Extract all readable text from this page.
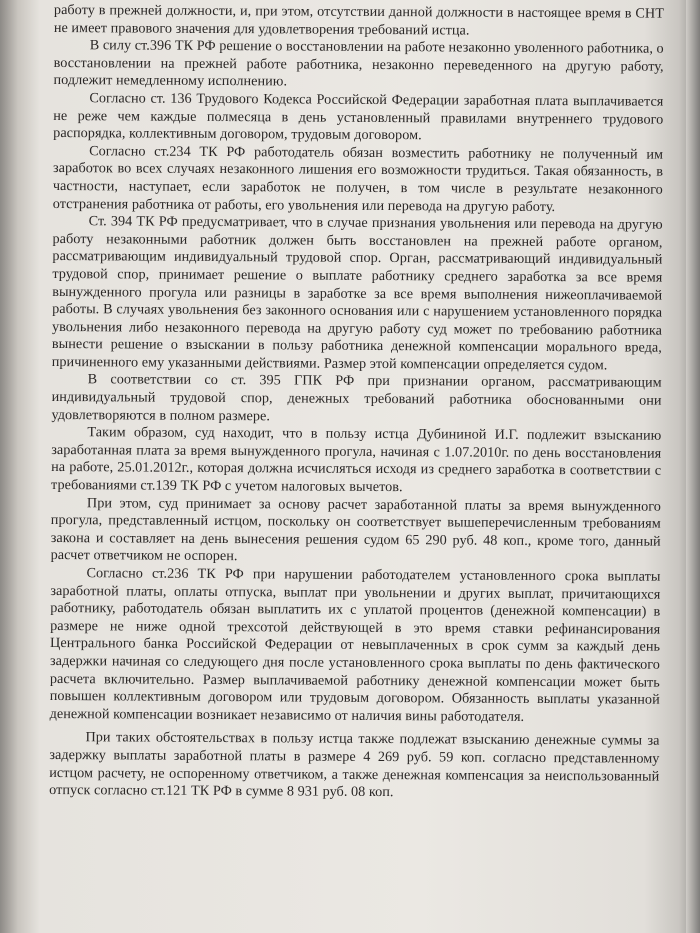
работу в прежней должности, и, при этом, отсутствии данной должности в настоящее время в СНТ не имеет правового значения для удовлетворения требований истца.

В силу ст.396 ТК РФ решение о восстановлении на работе незаконно уволенного работника, о восстановлении на прежней работе работника, незаконно переведенного на другую работу, подлежит немедленному исполнению.

Согласно ст. 136 Трудового Кодекса Российской Федерации заработная плата выплачивается не реже чем каждые полмесяца в день установленный правилами внутреннего трудового распорядка, коллективным договором, трудовым договором.

Согласно ст.234 ТК РФ работодатель обязан возместить работнику не полученный им заработок во всех случаях незаконного лишения его возможности трудиться. Такая обязанность, в частности, наступает, если заработок не получен, в том числе в результате незаконного отстранения работника от работы, его увольнения или перевода на другую работу.

Ст. 394 ТК РФ предусматривает, что в случае признания увольнения или перевода на другую работу незаконными работник должен быть восстановлен на прежней работе органом, рассматривающим индивидуальный трудовой спор. Орган, рассматривающий индивидуальный трудовой спор, принимает решение о выплате работнику среднего заработка за все время вынужденного прогула или разницы в заработке за все время выполнения нижеоплачиваемой работы. В случаях увольнения без законного основания или с нарушением установленного порядка увольнения либо незаконного перевода на другую работу суд может по требованию работника вынести решение о взыскании в пользу работника денежной компенсации морального вреда, причиненного ему указанными действиями. Размер этой компенсации определяется судом.

В соответствии со ст. 395 ГПК РФ при признании органом, рассматривающим индивидуальный трудовой спор, денежных требований работника обоснованными они удовлетворяются в полном размере.

Таким образом, суд находит, что в пользу истца Дубининой И.Г. подлежит взысканию заработанная плата за время вынужденного прогула, начиная с 1.07.2010г. по день восстановления на работе, 25.01.2012г., которая должна исчисляться исходя из среднего заработка в соответствии с требованиями ст.139 ТК РФ с учетом налоговых вычетов.

При этом, суд принимает за основу расчет заработанной платы за время вынужденного прогула, представленный истцом, поскольку он соответствует вышеперечисленным требованиям закона и составляет на день вынесения решения судом 65 290 руб. 48 коп., кроме того, данный расчет ответчиком не оспорен.

Согласно ст.236 ТК РФ при нарушении работодателем установленного срока выплаты заработной платы, оплаты отпуска, выплат при увольнении и других выплат, причитающихся работнику, работодатель обязан выплатить их с уплатой процентов (денежной компенсации) в размере не ниже одной трехсотой действующей в это время ставки рефинансирования Центрального банка Российской Федерации от невыплаченных в срок сумм за каждый день задержки начиная со следующего дня после установленного срока выплаты по день фактического расчета включительно. Размер выплачиваемой работнику денежной компенсации может быть повышен коллективным договором или трудовым договором. Обязанность выплаты указанной денежной компенсации возникает независимо от наличия вины работодателя.

При таких обстоятельствах в пользу истца также подлежат взысканию денежные суммы за задержку выплаты заработной платы в размере 4 269 руб. 59 коп. согласно представленному истцом расчету, не оспоренному ответчиком, а также денежная компенсация за неиспользованный отпуск согласно ст.121 ТК РФ в сумме 8 931 руб. 08 коп.
